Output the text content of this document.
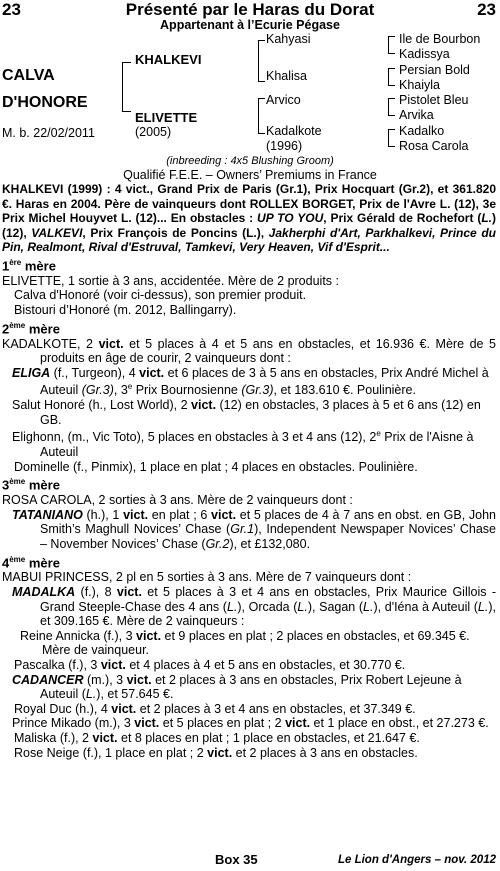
23	Présenté par le Haras du Dorat	23
Appartenant à l’Ecurie Pégase
CALVA
D'HONORE
M. b. 22/02/2011
KHALKEVI
ELIVETTE
(2005)
Kahyasi
Khalisa
Arvico
Kadalkote
(1996)
Ile de Bourbon
Kadissya
Persian Bold
Khaiyla
Pistolet Bleu
Arvika
Kadalko
Rosa Carola
(inbreeding : 4x5 Blushing Groom)
Qualifié F.E.E. – Owners’ Premiums in France

KHALKEVI (1999) : 4 vict., Grand Prix de Paris (Gr.1), Prix Hocquart (Gr.2), et 361.820 €. Haras en 2004. Père de vainqueurs dont ROLLEX BORGET, Prix de l'Avre L. (12), 3e Prix Michel Houyvet L. (12)... En obstacles : UP TO YOU, Prix Gérald de Rochefort (L.) (12), VALKEVI, Prix François de Poncins (L.), Jakherphi d'Art, Parkhalkevi, Prince du Pin, Realmont, Rival d'Estruval, Tamkevi, Very Heaven, Vif d'Esprit...

1ère mère

ELIVETTE, 1 sortie à 3 ans, accidentée. Mère de 2 produits :

Calva d'Honoré (voir ci-dessus), son premier produit.

Bistouri d’Honoré (m. 2012, Ballingarry).

2ème mère

KADALKOTE, 2 vict. et 5 places à 4 et 5 ans en obstacles, et 16.936 €. Mère de 5 produits en âge de courir, 2 vainqueurs dont :

ELIGA (f., Turgeon), 4 vict. et 6 places de 3 à 5 ans en obstacles, Prix André Michel à Auteuil (Gr.3), 3e Prix Bournosienne (Gr.3), et 183.610 €. Poulinière.

Salut Honoré (h., Lost World), 2 vict. (12) en obstacles, 3 places à 5 et 6 ans (12) en GB.

Elighonn, (m., Vic Toto), 5 places en obstacles à 3 et 4 ans (12), 2e Prix de l'Aisne à Auteuil

Dominelle (f., Pinmix), 1 place en plat ; 4 places en obstacles. Poulinière.

3ème mère

ROSA CAROLA, 2 sorties à 3 ans. Mère de 2 vainqueurs dont :

TATANIANO (h.), 1 vict. en plat ; 6 vict. et 5 places de 4 à 7 ans en obst. en GB, John Smith’s Maghull Novices’ Chase (Gr.1), Independent Newspaper Novices’ Chase – November Novices’ Chase (Gr.2), et £132,080.

4ème mère

MABUI PRINCESS, 2 pl en 5 sorties à 3 ans. Mère de 7 vainqueurs dont :

MADALKA (f.), 8 vict. et 5 places à 3 et 4 ans en obstacles, Prix Maurice Gillois - Grand Steeple-Chase des 4 ans (L.), Orcada (L.), Sagan (L.), d'Iéna à Auteuil (L.), et 309.165 €. Mère de 2 vainqueurs :

Reine Annicka (f.), 3 vict. et 9 places en plat ; 2 places en obstacles, et 69.345 €. Mère de vainqueur.

Pascalka (f.), 3 vict. et 4 places à 4 et 5 ans en obstacles, et 30.770 €.

CADANCER (m.), 3 vict. et 2 places à 3 ans en obstacles, Prix Robert Lejeune à Auteuil (L.), et 57.645 €.

Royal Duc (h.), 4 vict. et 2 places à 3 et 4 ans en obstacles, et 37.349 €.

Prince Mikado (m.), 3 vict. et 5 places en plat ; 2 vict. et 1 place en obst., et 27.273 €.

Maliska (f.), 2 vict. et 8 places en plat ; 1 place en obstacles, et 21.647 €.

Rose Neige (f.), 1 place en plat ; 2 vict. et 2 places à 3 ans en obstacles.

Box 35	Le Lion d'Angers – nov. 2012
